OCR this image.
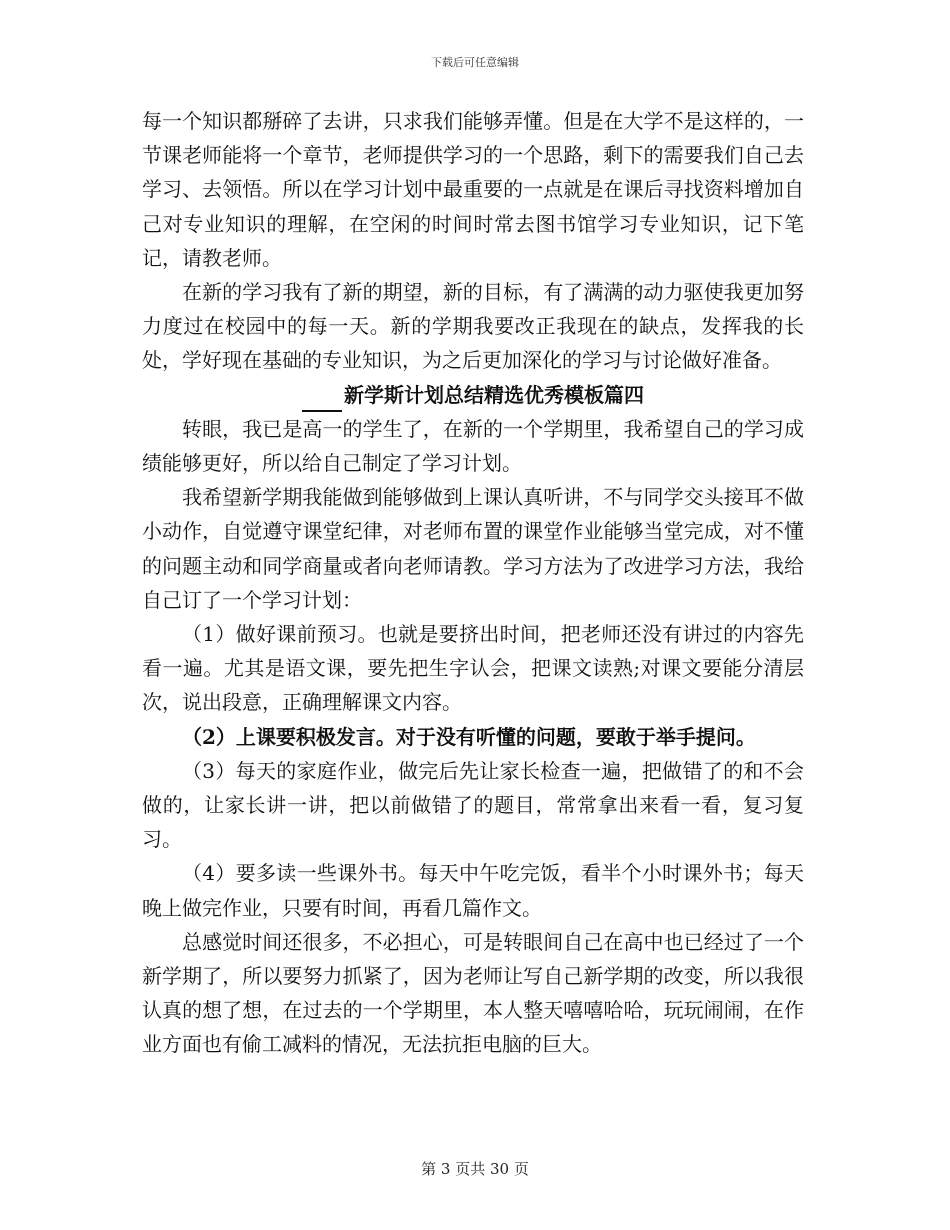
下载后可任意编辑

每一个知识都掰碎了去讲，只求我们能够弄懂。但是在大学不是这样的，一节课老师能将一个章节，老师提供学习的一个思路，剩下的需要我们自己去学习、去领悟。所以在学习计划中最重要的一点就是在课后寻找资料增加自己对专业知识的理解，在空闲的时间时常去图书馆学习专业知识，记下笔记，请教老师。

在新的学习我有了新的期望，新的目标，有了满满的动力驱使我更加努力度过在校园中的每一天。新的学期我要改正我现在的缺点，发挥我的长处，学好现在基础的专业知识，为之后更加深化的学习与讨论做好准备。

新学斯计划总结精选优秀模板篇四

转眼，我已是高一的学生了，在新的一个学期里，我希望自己的学习成绩能够更好，所以给自己制定了学习计划。

我希望新学期我能做到能够做到上课认真听讲，不与同学交头接耳不做小动作，自觉遵守课堂纪律，对老师布置的课堂作业能够当堂完成，对不懂的问题主动和同学商量或者向老师请教。学习方法为了改进学习方法，我给自己订了一个学习计划：

（1）做好课前预习。也就是要挤出时间，把老师还没有讲过的内容先看一遍。尤其是语文课，要先把生字认会，把课文读熟;对课文要能分清层次，说出段意，正确理解课文内容。

（2）上课要积极发言。对于没有听懂的问题，要敢于举手提问。

（3）每天的家庭作业，做完后先让家长检查一遍，把做错了的和不会做的，让家长讲一讲，把以前做错了的题目，常常拿出来看一看，复习复习。

（4）要多读一些课外书。每天中午吃完饭，看半个小时课外书；每天晚上做完作业，只要有时间，再看几篇作文。

总感觉时间还很多，不必担心，可是转眼间自己在高中也已经过了一个新学期了，所以要努力抓紧了，因为老师让写自己新学期的改变，所以我很认真的想了想，在过去的一个学期里，本人整天嘻嘻哈哈，玩玩闹闹，在作业方面也有偷工减料的情况，无法抗拒电脑的巨大。

第 3 页共 30 页
